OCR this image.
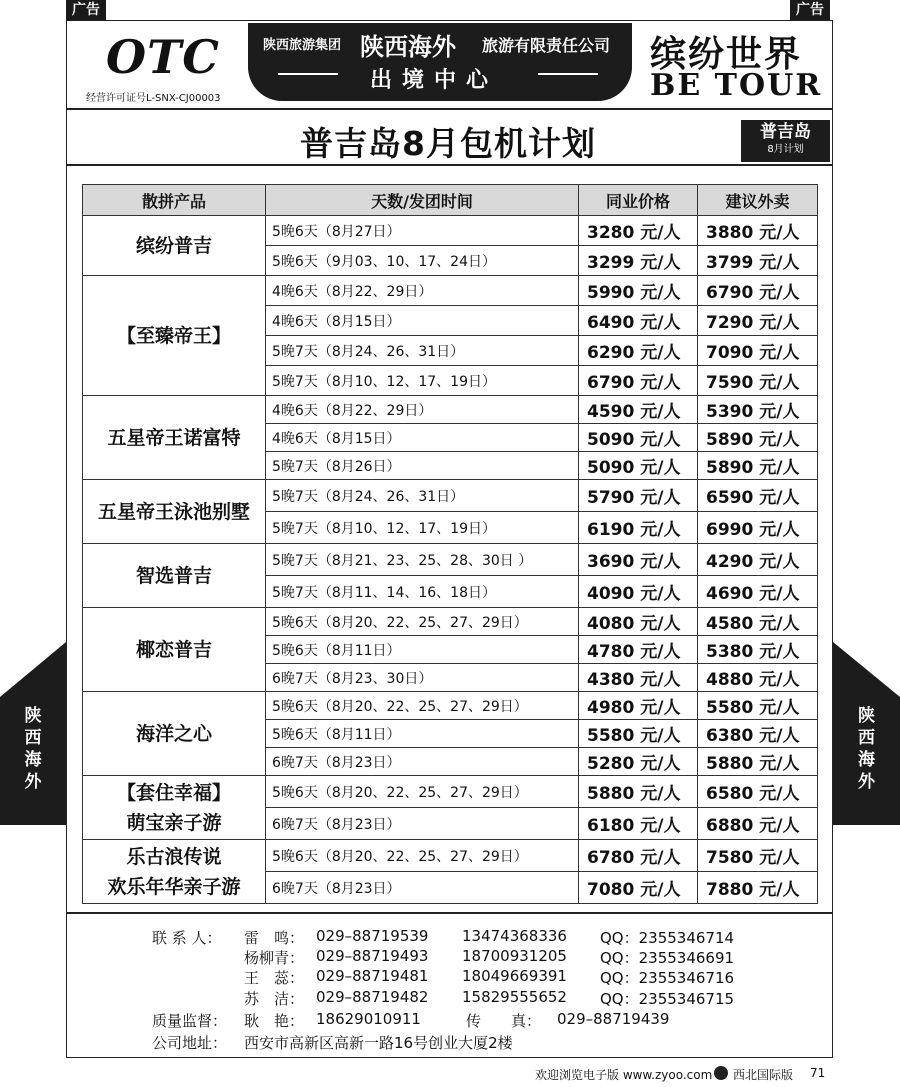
广告	广告
OTC
经营许可证号L-SNX-CJ00003
陕西旅游集团 陕西海外 旅游有限责任公司
出境中心
缤纷世界
BE TOUR
普吉岛8月包机计划	普吉岛
8月计划
散拼产品	天数/发团时间	同业价格	建议外卖

缤纷普吉	5晚6天（8月27日）	3280 元/人	3880 元/人
	5晚6天（9月03、10、17、24日）	3299 元/人	3799 元/人

【至臻帝王】	4晚6天（8月22、29日）	5990 元/人	6790 元/人
	4晚6天（8月15日）	6490 元/人	7290 元/人
	5晚7天（8月24、26、31日）	6290 元/人	7090 元/人
	5晚7天（8月10、12、17、19日）	6790 元/人	7590 元/人

五星帝王诺富特	4晚6天（8月22、29日）	4590 元/人	5390 元/人
	4晚6天（8月15日）	5090 元/人	5890 元/人
	5晚7天（8月26日）	5090 元/人	5890 元/人

五星帝王泳池别墅	5晚7天（8月24、26、31日）	5790 元/人	6590 元/人
	5晚7天（8月10、12、17、19日）	6190 元/人	6990 元/人

智选普吉	5晚7天（8月21、23、25、28、30日 ）	3690 元/人	4290 元/人
	5晚7天（8月11、14、16、18日）	4090 元/人	4690 元/人

椰恋普吉	5晚6天（8月20、22、25、27、29日）	4080 元/人	4580 元/人
	5晚6天（8月11日）	4780 元/人	5380 元/人
	6晚7天（8月23、30日）	4380 元/人	4880 元/人

海洋之心	5晚6天（8月20、22、25、27、29日）	4980 元/人	5580 元/人
	5晚6天（8月11日）	5580 元/人	6380 元/人
	6晚7天（8月23日）	5280 元/人	5880 元/人

【套住幸福】
萌宝亲子游	5晚6天（8月20、22、25、27、29日）	5880 元/人	6580 元/人
	6晚7天（8月23日）	6180 元/人	6880 元/人

乐古浪传说
欢乐年华亲子游	5晚6天（8月20、22、25、27、29日）	6780 元/人	7580 元/人
	6晚7天（8月23日）	7080 元/人	7880 元/人
陕
西
海
外
陕
西
海
外
联 系 人： 雷　鸣： 029–88719539 13474368336 QQ：2355346714
杨柳青： 029–88719493 18700931205 QQ：2355346691
王　蕊： 029–88719481 18049669391 QQ：2355346716
苏　洁： 029–88719482 15829555652 QQ：2355346715
质量监督： 耿　艳： 18629010911	传　　真： 029–88719439
公司地址： 西安市高新区高新一路16号创业大厦2楼
欢迎浏览电子版 www.zyoo.com 西北国际版 71
